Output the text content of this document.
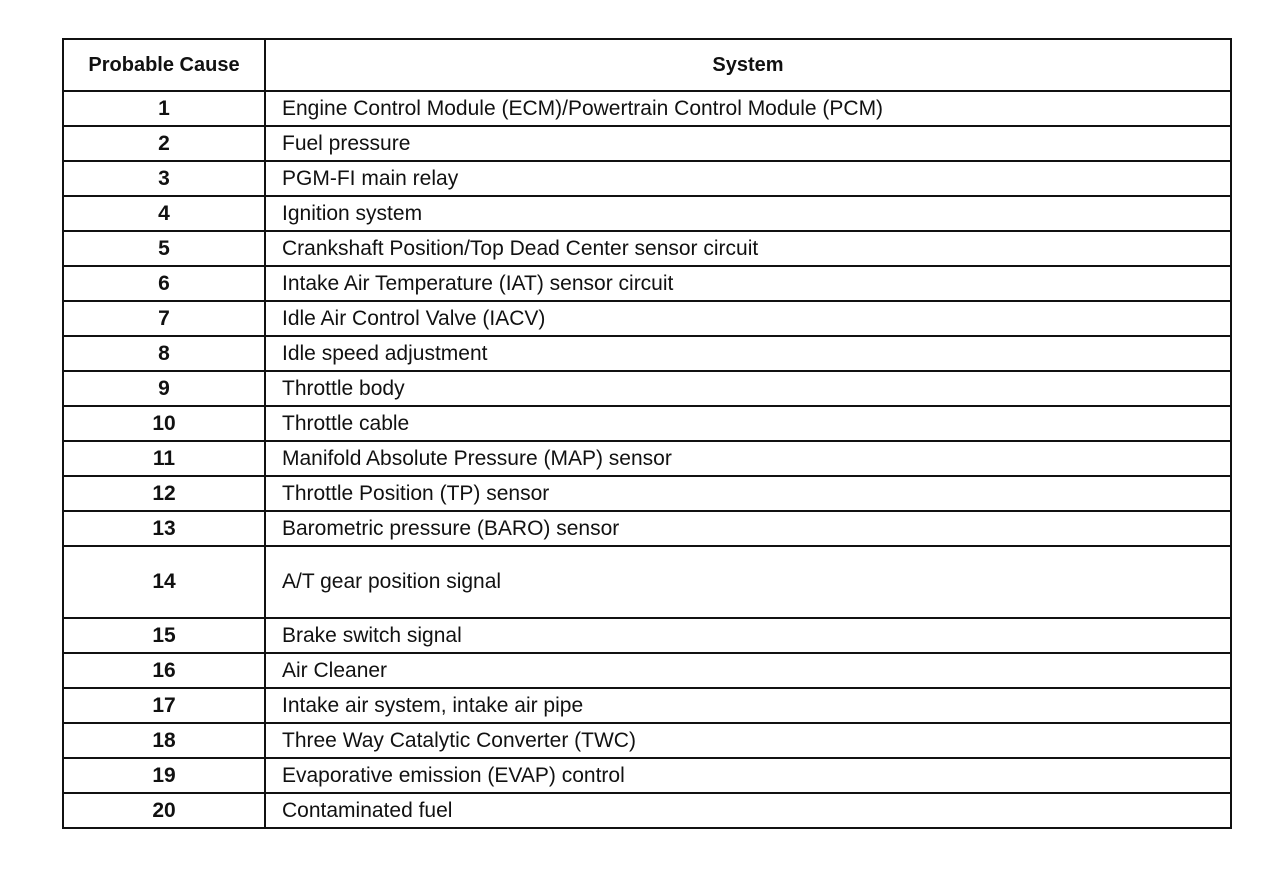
Probable Cause	System
1	Engine Control Module (ECM)/Powertrain Control Module (PCM)
2	Fuel pressure
3	PGM-FI main relay
4	Ignition system
5	Crankshaft Position/Top Dead Center sensor circuit
6	Intake Air Temperature (IAT) sensor circuit
7	Idle Air Control Valve (IACV)
8	Idle speed adjustment
9	Throttle body
10	Throttle cable
11	Manifold Absolute Pressure (MAP) sensor
12	Throttle Position (TP) sensor
13	Barometric pressure (BARO) sensor
14	A/T gear position signal
15	Brake switch signal
16	Air Cleaner
17	Intake air system, intake air pipe
18	Three Way Catalytic Converter (TWC)
19	Evaporative emission (EVAP) control
20	Contaminated fuel
